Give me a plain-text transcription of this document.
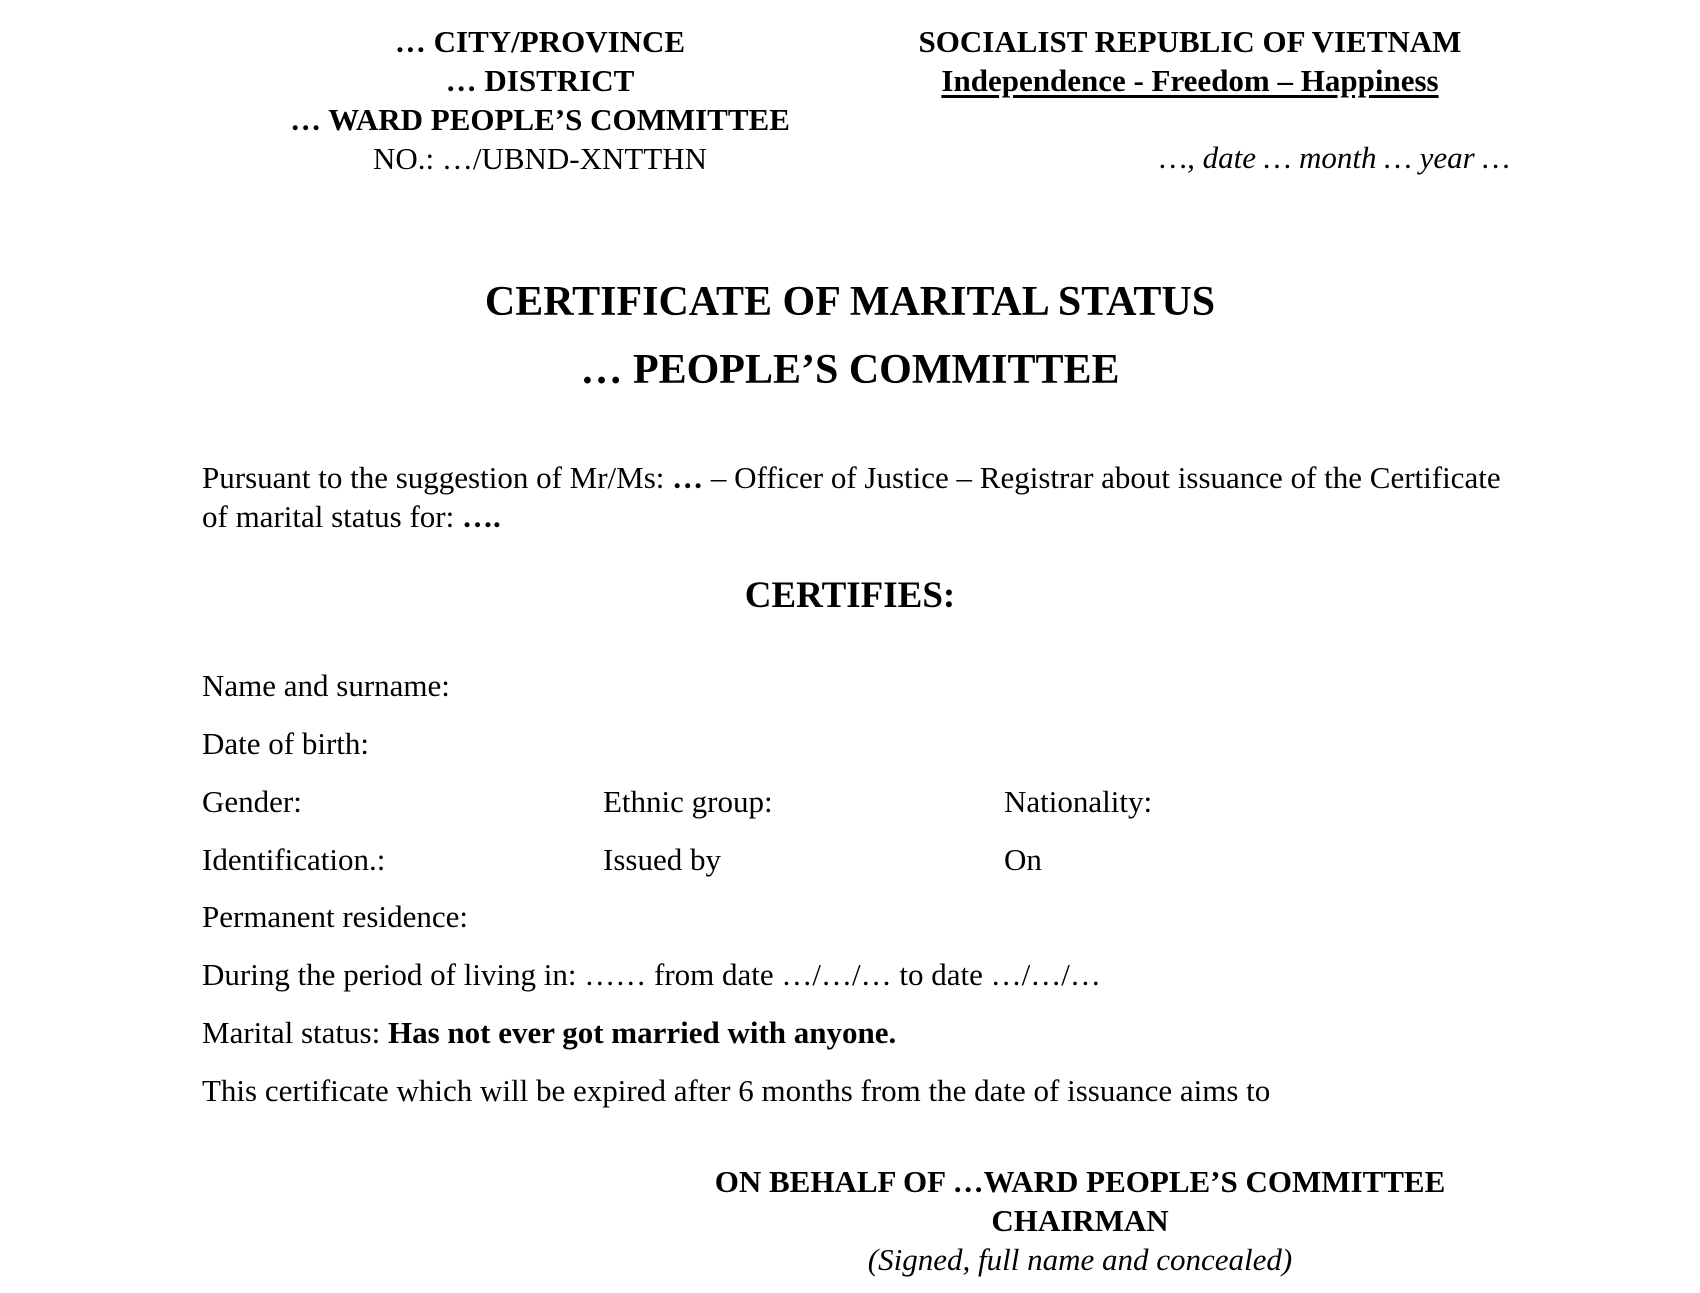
… CITY/PROVINCE
… DISTRICT
… WARD PEOPLE’S COMMITTEE
NO.: …/UBND-XNTTHN
SOCIALIST REPUBLIC OF VIETNAM
Independence - Freedom – Happiness
…, date … month … year …
CERTIFICATE OF MARITAL STATUS
… PEOPLE’S COMMITTEE
Pursuant to the suggestion of Mr/Ms: … – Officer of Justice – Registrar about issuance of the Certificate of marital status for: ….
CERTIFIES:
Name and surname:
Date of birth:
Gender:	Ethnic group:	Nationality:
Identification.:	Issued by	On
Permanent residence:
During the period of living in: …… from date …/…/… to date …/…/…
Marital status: Has not ever got married with anyone.
This certificate which will be expired after 6 months from the date of issuance aims to
ON BEHALF OF …WARD PEOPLE’S COMMITTEE
CHAIRMAN
(Signed, full name and concealed)
